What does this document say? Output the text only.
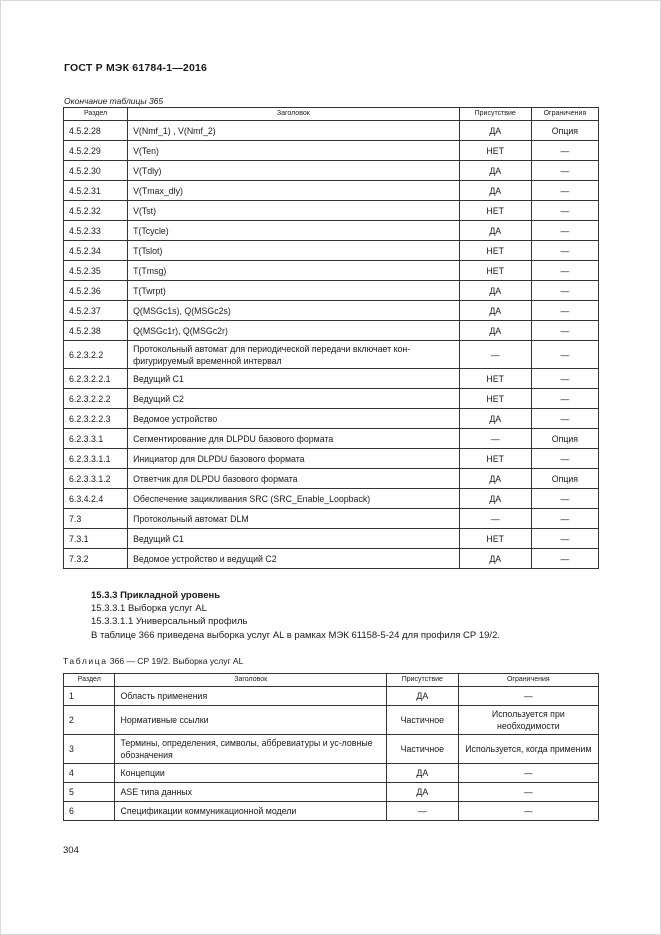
ГОСТ Р МЭК 61784-1—2016
Окончание таблицы 365
Раздел	Заголовок	Присутствие	Ограничения
4.5.2.28	V(Nmf_1) , V(Nmf_2)	ДА	Опция
4.5.2.29	V(Ten)	НЕТ	—
4.5.2.30	V(Tdly)	ДА	—
4.5.2.31	V(Tmax_dly)	ДА	—
4.5.2.32	V(Tst)	НЕТ	—
4.5.2.33	T(Tcycle)	ДА	—
4.5.2.34	T(Tslot)	НЕТ	—
4.5.2.35	T(Tmsg)	НЕТ	—
4.5.2.36	T(Twrpt)	ДА	—
4.5.2.37	Q(MSGc1s), Q(MSGc2s)	ДА	—
4.5.2.38	Q(MSGc1r), Q(MSGc2r)	ДА	—
6.2.3.2.2	Протокольный автомат для периодической передачи включает кон-фигурируемый временной интервал	—	—
6.2.3.2.2.1	Ведущий С1	НЕТ	—
6.2.3.2.2.2	Ведущий С2	НЕТ	—
6.2.3.2.2.3	Ведомое устройство	ДА	—
6.2.3.3.1	Сегментирование для DLPDU базового формата	—	Опция
6.2.3.3.1.1	Инициатор для DLPDU базового формата	НЕТ	—
6.2.3.3.1.2	Ответчик для DLPDU базового формата	ДА	Опция
6.3.4.2.4	Обеспечение зацикливания SRC (SRC_Enable_Loopback)	ДА	—
7.3	Протокольный автомат DLM	—	—
7.3.1	Ведущий С1	НЕТ	—
7.3.2	Ведомое устройство и ведущий С2	ДА	—
15.3.3 Прикладной уровень
15.3.3.1 Выборка услуг AL
15.3.3.1.1 Универсальный профиль
В таблице 366 приведена выборка услуг AL в рамках МЭК 61158-5-24 для профиля СР 19/2.
Таблица 366 — СР 19/2. Выборка услуг AL
Раздел	Заголовок	Присутствие	Ограничения
1	Область применения	ДА	—
2	Нормативные ссылки	Частичное	Используется при необходимости
3	Термины, определения, символы, аббревиатуры и ус-ловные обозначения	Частичное	Используется, когда применим
4	Концепции	ДА	—
5	ASE типа данных	ДА	—
6	Спецификации коммуникационной модели	—	—
304
